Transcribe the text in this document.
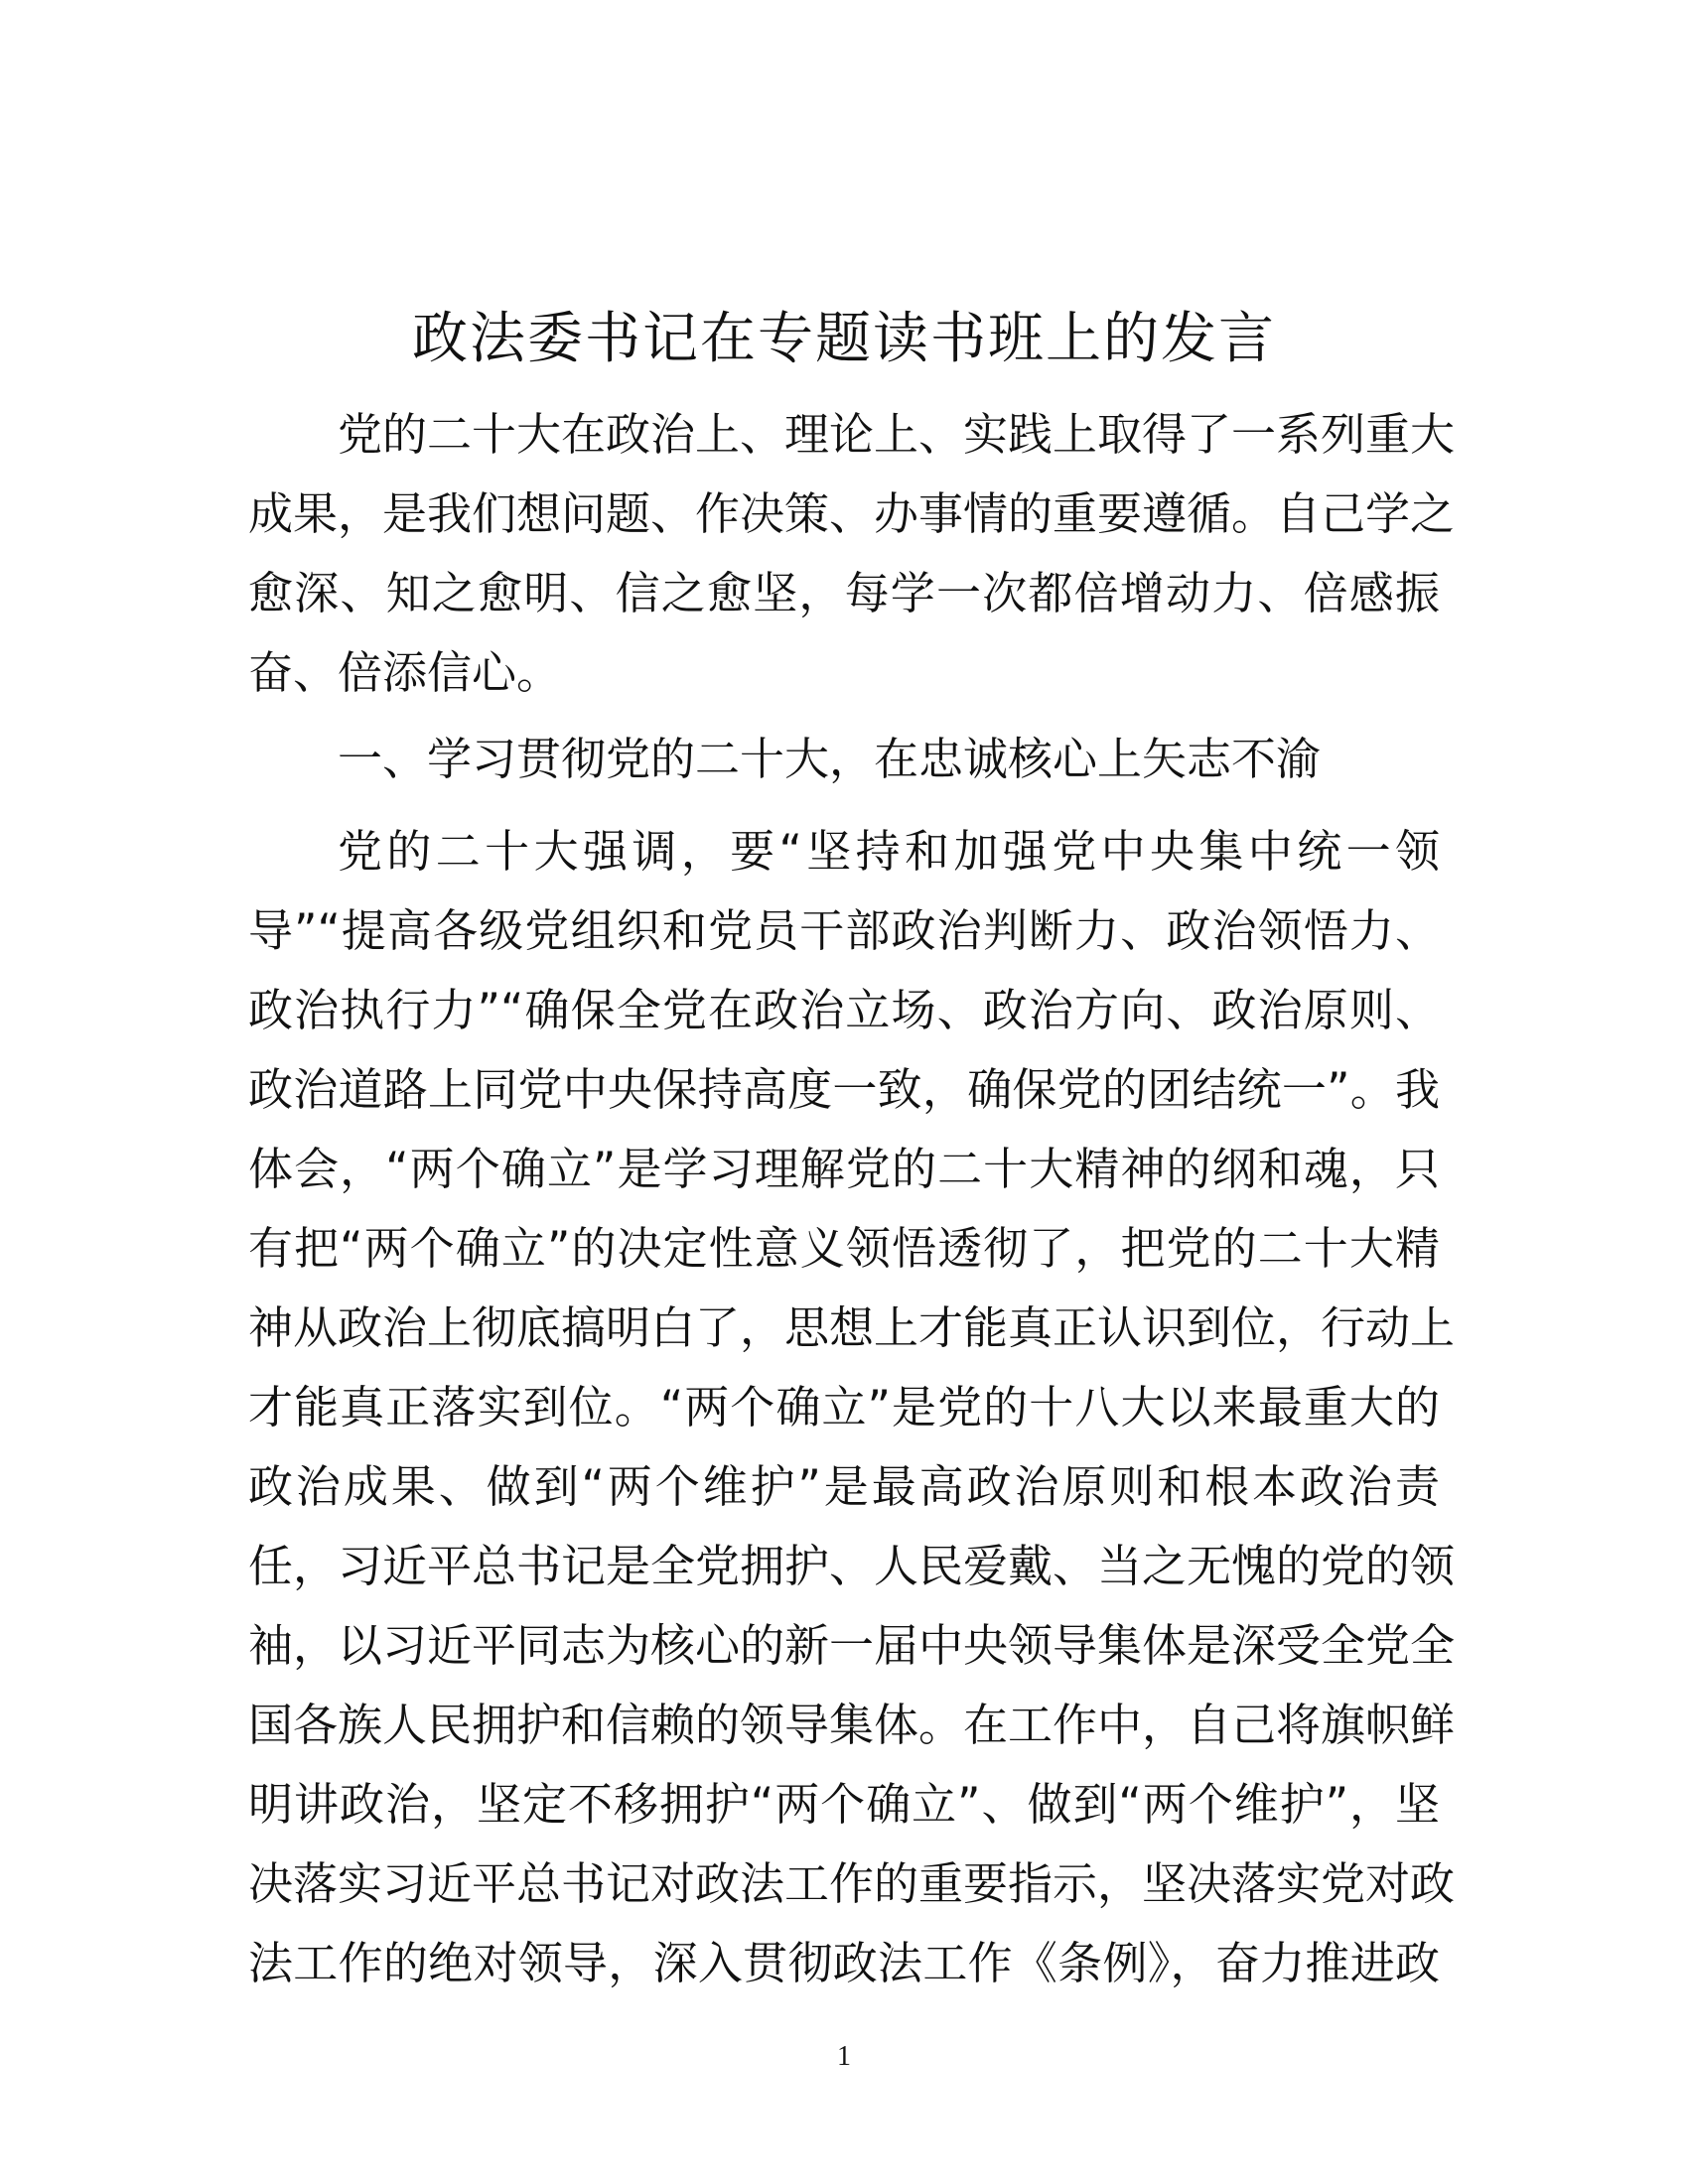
政法委书记在专题读书班上的发言
党的二十大在政治上、理论上、实践上取得了一系列重大
成果，是我们想问题、作决策、办事情的重要遵循。自己学之
愈深、知之愈明、信之愈坚，每学一次都倍增动力、倍感振
奋、倍添信心。
一、学习贯彻党的二十大，在忠诚核心上矢志不渝
党的二十大强调，要“坚持和加强党中央集中统一领
导”“提高各级党组织和党员干部政治判断力、政治领悟力、
政治执行力”“确保全党在政治立场、政治方向、政治原则、
政治道路上同党中央保持高度一致，确保党的团结统一”。我
体会，“两个确立”是学习理解党的二十大精神的纲和魂，只
有把“两个确立”的决定性意义领悟透彻了，把党的二十大精
神从政治上彻底搞明白了，思想上才能真正认识到位，行动上
才能真正落实到位。“两个确立”是党的十八大以来最重大的
政治成果、做到“两个维护”是最高政治原则和根本政治责
任，习近平总书记是全党拥护、人民爱戴、当之无愧的党的领
袖，以习近平同志为核心的新一届中央领导集体是深受全党全
国各族人民拥护和信赖的领导集体。在工作中，自己将旗帜鲜
明讲政治，坚定不移拥护“两个确立”、做到“两个维护”，坚
决落实习近平总书记对政法工作的重要指示，坚决落实党对政
法工作的绝对领导，深入贯彻政法工作《条例》，奋力推进政
1
